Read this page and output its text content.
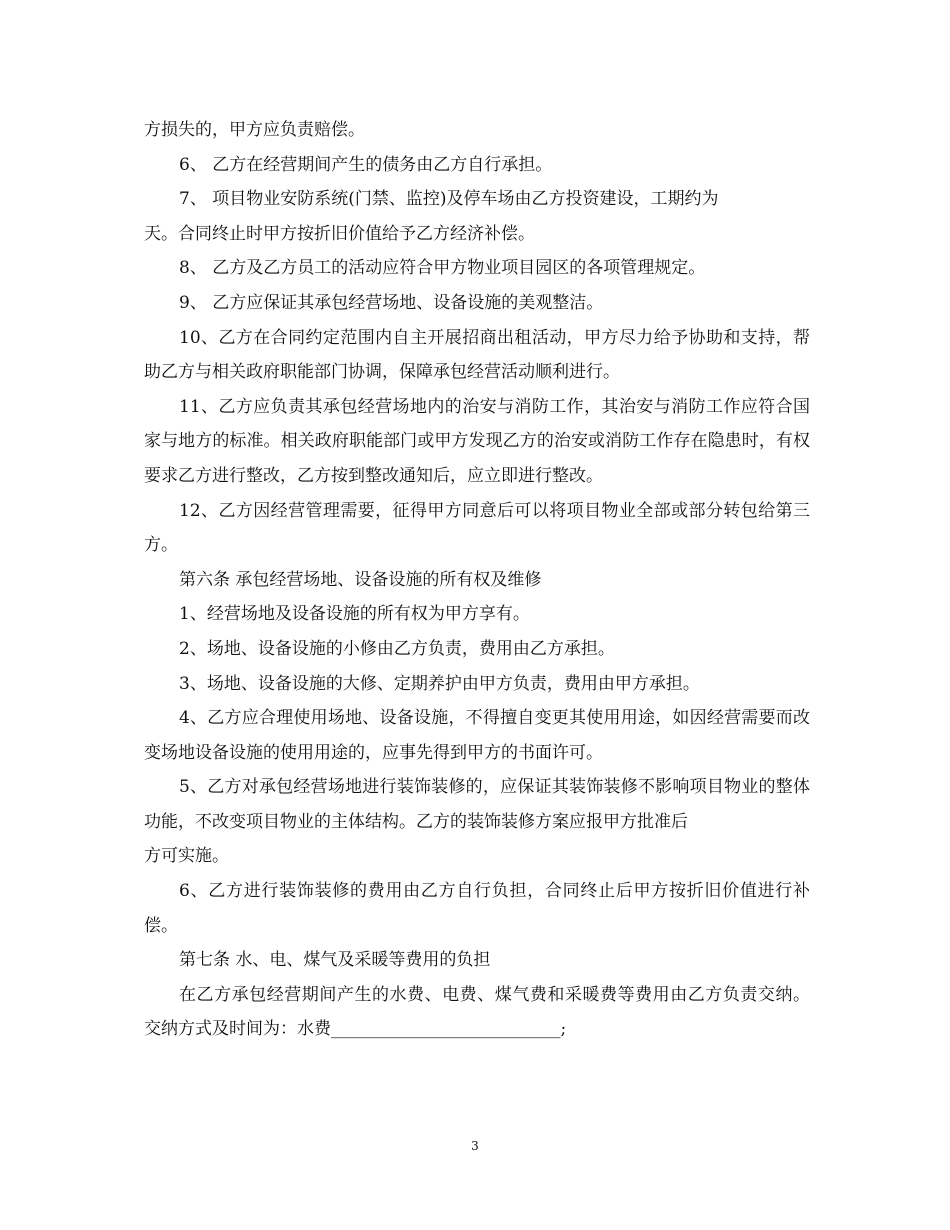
方损失的，甲方应负责赔偿。

6、 乙方在经营期间产生的债务由乙方自行承担。

7、 项目物业安防系统(门禁、监控)及停车场由乙方投资建设，工期约为
天。合同终止时甲方按折旧价值给予乙方经济补偿。

8、 乙方及乙方员工的活动应符合甲方物业项目园区的各项管理规定。

9、 乙方应保证其承包经营场地、设备设施的美观整洁。

10、乙方在合同约定范围内自主开展招商出租活动，甲方尽力给予协助和支持，帮助乙方与相关政府职能部门协调，保障承包经营活动顺利进行。

11、乙方应负责其承包经营场地内的治安与消防工作，其治安与消防工作应符合国家与地方的标准。相关政府职能部门或甲方发现乙方的治安或消防工作存在隐患时，有权要求乙方进行整改，乙方按到整改通知后，应立即进行整改。

12、乙方因经营管理需要，征得甲方同意后可以将项目物业全部或部分转包给第三方。

第六条 承包经营场地、设备设施的所有权及维修

1、经营场地及设备设施的所有权为甲方享有。

2、场地、设备设施的小修由乙方负责，费用由乙方承担。

3、场地、设备设施的大修、定期养护由甲方负责，费用由甲方承担。

4、乙方应合理使用场地、设备设施，不得擅自变更其使用用途，如因经营需要而改变场地设备设施的使用用途的，应事先得到甲方的书面许可。

5、乙方对承包经营场地进行装饰装修的，应保证其装饰装修不影响项目物业的整体功能，不改变项目物业的主体结构。乙方的装饰装修方案应报甲方批准后
方可实施。

6、乙方进行装饰装修的费用由乙方自行负担，合同终止后甲方按折旧价值进行补偿。

第七条 水、电、煤气及采暖等费用的负担

在乙方承包经营期间产生的水费、电费、煤气费和采暖费等费用由乙方负责交纳。 交纳方式及时间为：水费___________________________;

3
